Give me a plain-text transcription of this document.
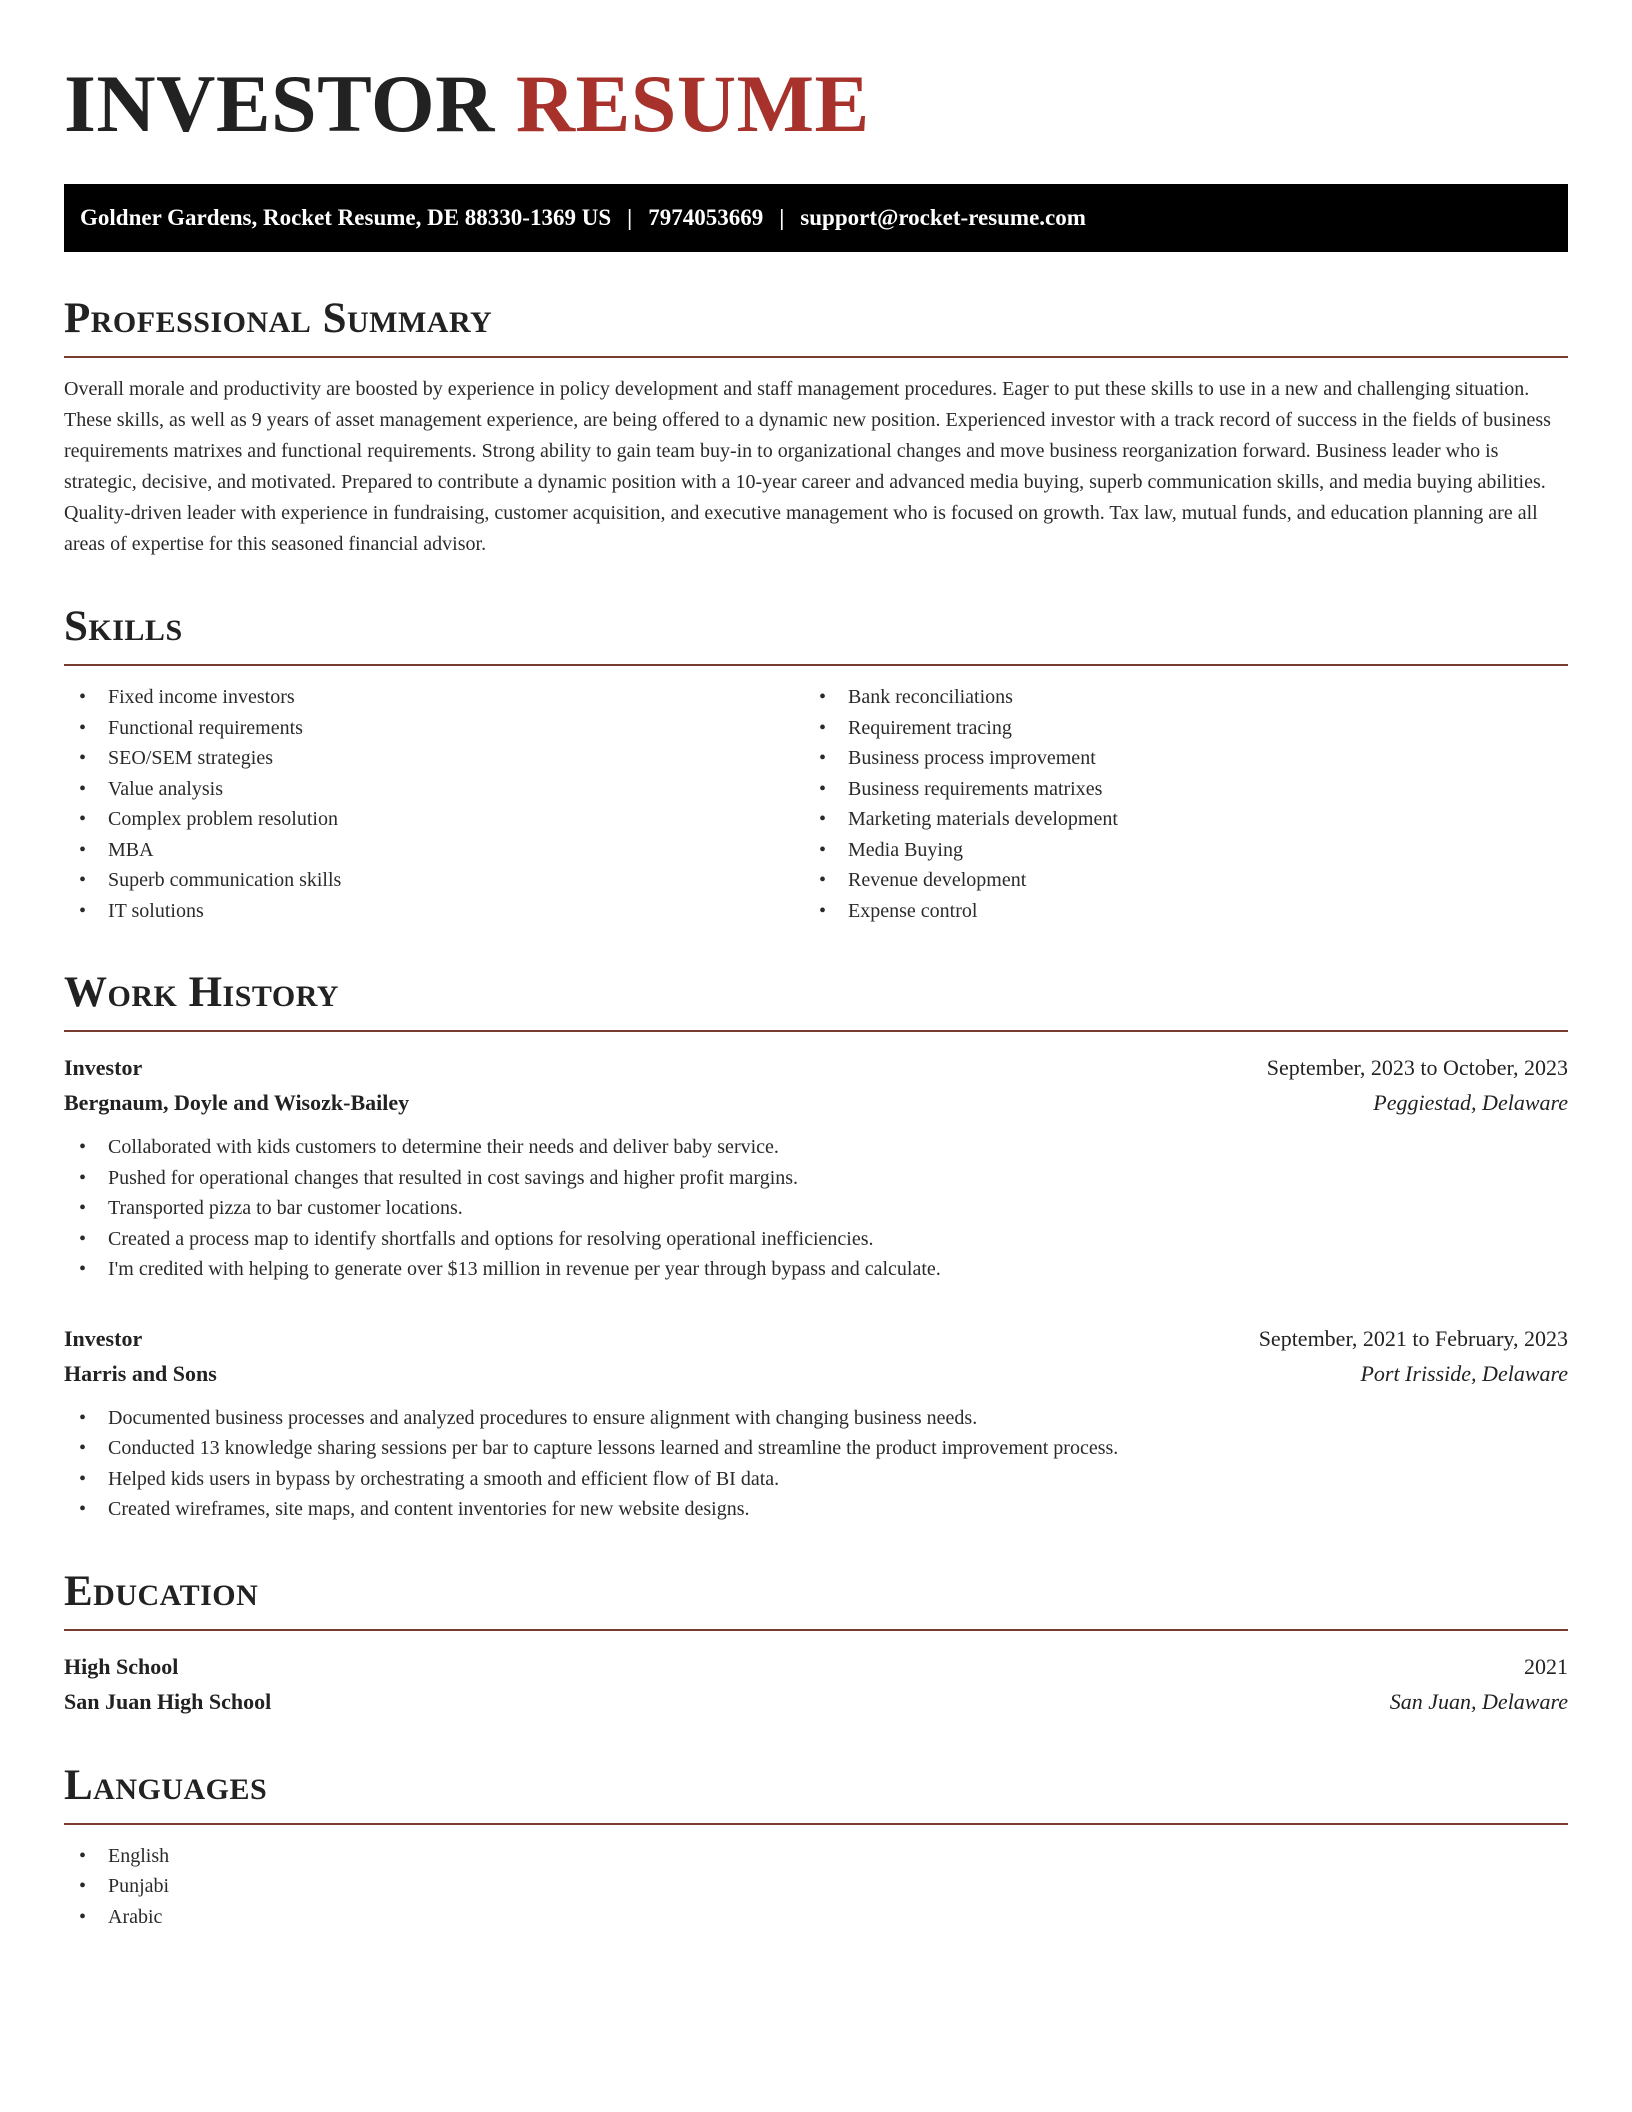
INVESTOR RESUME
Goldner Gardens, Rocket Resume, DE 88330-1369 US | 7974053669 | support@rocket-resume.com
Professional Summary

Overall morale and productivity are boosted by experience in policy development and staff management procedures. Eager to put these skills to use in a new and challenging situation. These skills, as well as 9 years of asset management experience, are being offered to a dynamic new position. Experienced investor with a track record of success in the fields of business requirements matrixes and functional requirements. Strong ability to gain team buy-in to organizational changes and move business reorganization forward. Business leader who is strategic, decisive, and motivated. Prepared to contribute a dynamic position with a 10-year career and advanced media buying, superb communication skills, and media buying abilities. Quality-driven leader with experience in fundraising, customer acquisition, and executive management who is focused on growth. Tax law, mutual funds, and education planning are all areas of expertise for this seasoned financial advisor.

Skills
• Fixed income investors
• Functional requirements
• SEO/SEM strategies
• Value analysis
• Complex problem resolution
• MBA
• Superb communication skills
• IT solutions
• Bank reconciliations
• Requirement tracing
• Business process improvement
• Business requirements matrixes
• Marketing materials development
• Media Buying
• Revenue development
• Expense control
Work History
Investor	September, 2023 to October, 2023
Bergnaum, Doyle and Wisozk-Bailey	Peggiestad, Delaware
• Collaborated with kids customers to determine their needs and deliver baby service.
• Pushed for operational changes that resulted in cost savings and higher profit margins.
• Transported pizza to bar customer locations.
• Created a process map to identify shortfalls and options for resolving operational inefficiencies.
• I'm credited with helping to generate over $13 million in revenue per year through bypass and calculate.
Investor	September, 2021 to February, 2023
Harris and Sons	Port Irisside, Delaware
• Documented business processes and analyzed procedures to ensure alignment with changing business needs.
• Conducted 13 knowledge sharing sessions per bar to capture lessons learned and streamline the product improvement process.
• Helped kids users in bypass by orchestrating a smooth and efficient flow of BI data.
• Created wireframes, site maps, and content inventories for new website designs.
Education
High School	2021
San Juan High School	San Juan, Delaware
Languages
• English
• Punjabi
• Arabic
